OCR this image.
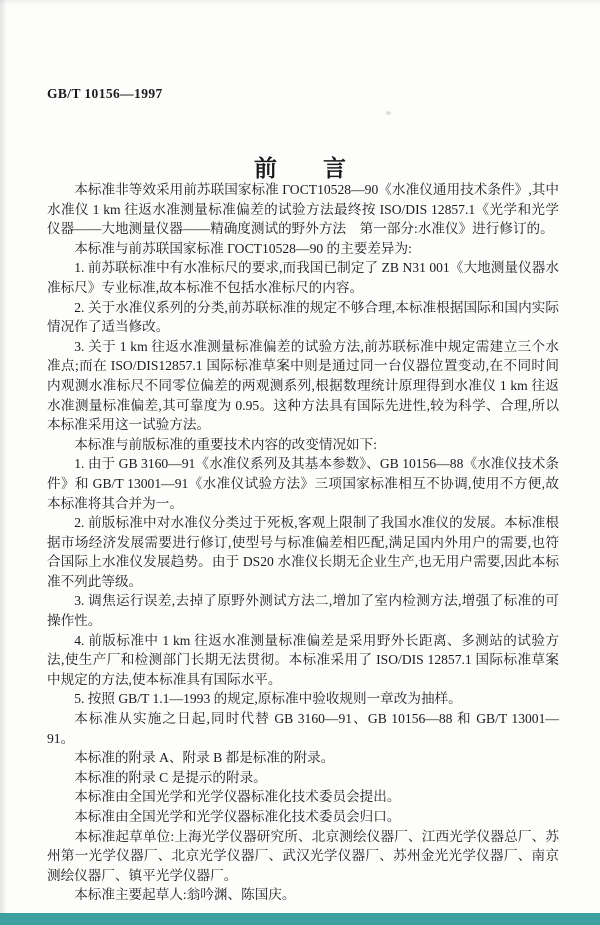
GB/T 10156—1997
前言

本标准非等效采用前苏联国家标准 ГОСТ10528—90《水准仪通用技术条件》,其中水准仪 1 km 往返水准测量标准偏差的试验方法最终按 ISO/DIS 12857.1《光学和光学仪器——大地测量仪器——精确度测试的野外方法　第一部分:水准仪》进行修订的。

本标准与前苏联国家标准 ГОСТ10528—90 的主要差异为:

1. 前苏联标准中有水准标尺的要求,而我国已制定了 ZB N31 001《大地测量仪器水准标尺》专业标准,故本标准不包括水准标尺的内容。

2. 关于水准仪系列的分类,前苏联标准的规定不够合理,本标准根据国际和国内实际情况作了适当修改。

3. 关于 1 km 往返水准测量标准偏差的试验方法,前苏联标准中规定需建立三个水准点;而在 ISO/DIS12857.1 国际标准草案中则是通过同一台仪器位置变动,在不同时间内观测水准标尺不同零位偏差的两观测系列,根据数理统计原理得到水准仪 1 km 往返水准测量标准偏差,其可靠度为 0.95。这种方法具有国际先进性,较为科学、合理,所以本标准采用这一试验方法。

本标准与前版标准的重要技术内容的改变情况如下:

1. 由于 GB 3160—91《水准仪系列及其基本参数》、GB 10156—88《水准仪技术条件》和 GB/T 13001—91《水准仪试验方法》三项国家标准相互不协调,使用不方便,故本标准将其合并为一。

2. 前版标准中对水准仪分类过于死板,客观上限制了我国水准仪的发展。本标准根据市场经济发展需要进行修订,使型号与标准偏差相匹配,满足国内外用户的需要,也符合国际上水准仪发展趋势。由于 DS20 水准仪长期无企业生产,也无用户需要,因此本标准不列此等级。

3. 调焦运行误差,去掉了原野外测试方法二,增加了室内检测方法,增强了标准的可操作性。

4. 前版标准中 1 km 往返水准测量标准偏差是采用野外长距离、多测站的试验方法,使生产厂和检测部门长期无法贯彻。本标准采用了 ISO/DIS 12857.1 国际标准草案中规定的方法,使本标准具有国际水平。

5. 按照 GB/T 1.1—1993 的规定,原标准中验收规则一章改为抽样。

本标准从实施之日起,同时代替 GB 3160—91、GB 10156—88 和 GB/T 13001—91。

本标准的附录 A、附录 B 都是标准的附录。

本标准的附录 C 是提示的附录。

本标准由全国光学和光学仪器标准化技术委员会提出。

本标准由全国光学和光学仪器标准化技术委员会归口。

本标准起草单位:上海光学仪器研究所、北京测绘仪器厂、江西光学仪器总厂、苏州第一光学仪器厂、北京光学仪器厂、武汉光学仪器厂、苏州金光光学仪器厂、南京测绘仪器厂、镇平光学仪器厂。

本标准主要起草人:翁吟渊、陈国庆。
